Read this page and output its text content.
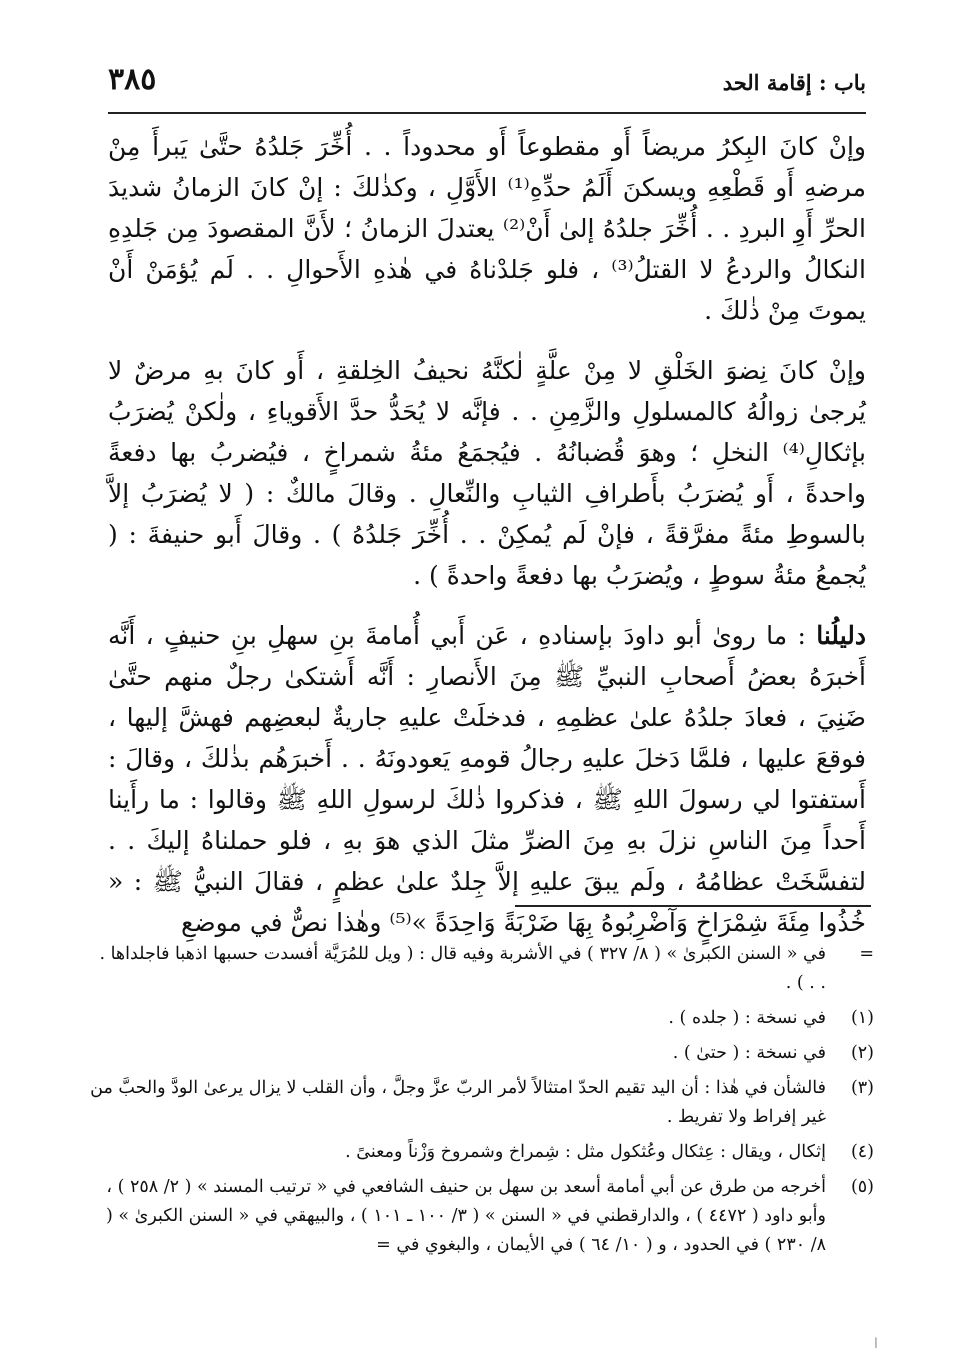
باب : إقامة الحد
٣٨٥

وإنْ كانَ البِكرُ مريضاً أَو مقطوعاً أَو محدوداً . . أُخِّرَ جَلدُهُ حتَّىٰ يَبرأَ مِنْ مرضهِ أَو قَطْعِهِ ويسكنَ أَلَمُ حدِّهِ⁽¹⁾ الأَوَّلِ ، وكذٰلكَ : إنْ كانَ الزمانُ شديدَ الحرِّ أَوِ البردِ . . أُخِّرَ جلدُهُ إلىٰ أَنْ⁽²⁾ يعتدلَ الزمانُ ؛ لأَنَّ المقصودَ مِن جَلدِهِ النكالُ والردعُ لا القتلُ⁽³⁾ ، فلو جَلدْناهُ في هٰذهِ الأَحوالِ . . لَم يُؤمَنْ أَنْ يموتَ مِنْ ذٰلكَ .

وإنْ كانَ نِضوَ الخَلْقِ لا مِنْ علَّةٍ لٰكنَّهُ نحيفُ الخِلقةِ ، أَو كانَ بهِ مرضٌ لا يُرجىٰ زوالُهُ كالمسلولِ والزَّمِنِ . . فإنَّه لا يُحَدُّ حدَّ الأَقوياءِ ، ولٰكنْ يُضرَبُ بإثكالِ⁽⁴⁾ النخلِ ؛ وهوَ قُضبانُهُ . فيُجمَعُ مئةُ شمراخٍ ، فيُضربُ بها دفعةً واحدةً ، أَو يُضرَبُ بأَطرافِ الثيابِ والنِّعالِ . وقالَ مالكٌ : ( لا يُضرَبُ إلاَّ بالسوطِ مئةً مفرَّقةً ، فإنْ لَم يُمكِنْ . . أُخِّرَ جَلدُهُ ) . وقالَ أَبو حنيفةَ : ( يُجمعُ مئةُ سوطٍ ، ويُضرَبُ بها دفعةً واحدةً ) .

دليلُنا : ما روىٰ أبو داودَ بإسنادهِ ، عَن أَبي أُمامةَ بنِ سهلِ بنِ حنيفٍ ، أَنَّه أَخبرَهُ بعضُ أَصحابِ النبيِّ ﷺ مِنَ الأَنصارِ : أَنَّه أَشتكىٰ رجلٌ منهم حتَّىٰ ضَنِيَ ، فعادَ جلدُهُ علىٰ عظمِهِ ، فدخلَتْ عليهِ جاريةٌ لبعضِهم فهشَّ إليها ، فوقعَ عليها ، فلمَّا دَخلَ عليهِ رجالُ قومهِ يَعودونَهُ . . أَخبرَهُم بذٰلكَ ، وقالَ : أَستفتوا لي رسولَ اللهِ ﷺ ، فذكروا ذٰلكَ لرسولِ اللهِ ﷺ وقالوا : ما رأَينا أَحداً مِنَ الناسِ نزلَ بهِ مِنَ الضرِّ مثلَ الذي هوَ بهِ ، فلو حملناهُ إليكَ . . لتفسَّخَتْ عظامُهُ ، ولَم يبقَ عليهِ إلاَّ جِلدٌ علىٰ عظمٍ ، فقالَ النبيُّ ﷺ : « خُذُوا مِئَةَ شِمْرَاخٍ وَآضْرِبُوهُ بِهَا ضَرْبَةً وَاحِدَةً »⁽⁵⁾ وهٰذا نصٌّ في موضعِ

=
في « السنن الكبرىٰ » ( ٨/ ٣٢٧ ) في الأشربة وفيه قال : ( ويل للمُرَيَّة أفسدت حسبها اذهبا فاجلداها . . . ) .
(١)
في نسخة : ( جلده ) .
(٢)
في نسخة : ( حتىٰ ) .
(٣)
فالشأن في هٰذا : أن اليد تقيم الحدّ امتثالاً لأمر الربّ عزَّ وجلَّ ، وأن القلب لا يزال يرعىٰ الودَّ والحبَّ من غير إفراط ولا تفريط .
(٤)
إثكال ، ويقال : عِثكال وعُثكول مثل : شِمراخ وشمروخ وَزْناً ومعنىً .
(٥)
أخرجه من طرق عن أبي أمامة أسعد بن سهل بن حنيف الشافعي في « ترتيب المسند » ( ٢/ ٢٥٨ ) ، وأبو داود ( ٤٤٧٢ ) ، والدارقطني في « السنن » ( ٣/ ١٠٠ ـ ١٠١ ) ، والبيهقي في « السنن الكبرىٰ » ( ٨/ ٢٣٠ ) في الحدود ، و ( ١٠/ ٦٤ ) في الأيمان ، والبغوي في =
ﺍ
